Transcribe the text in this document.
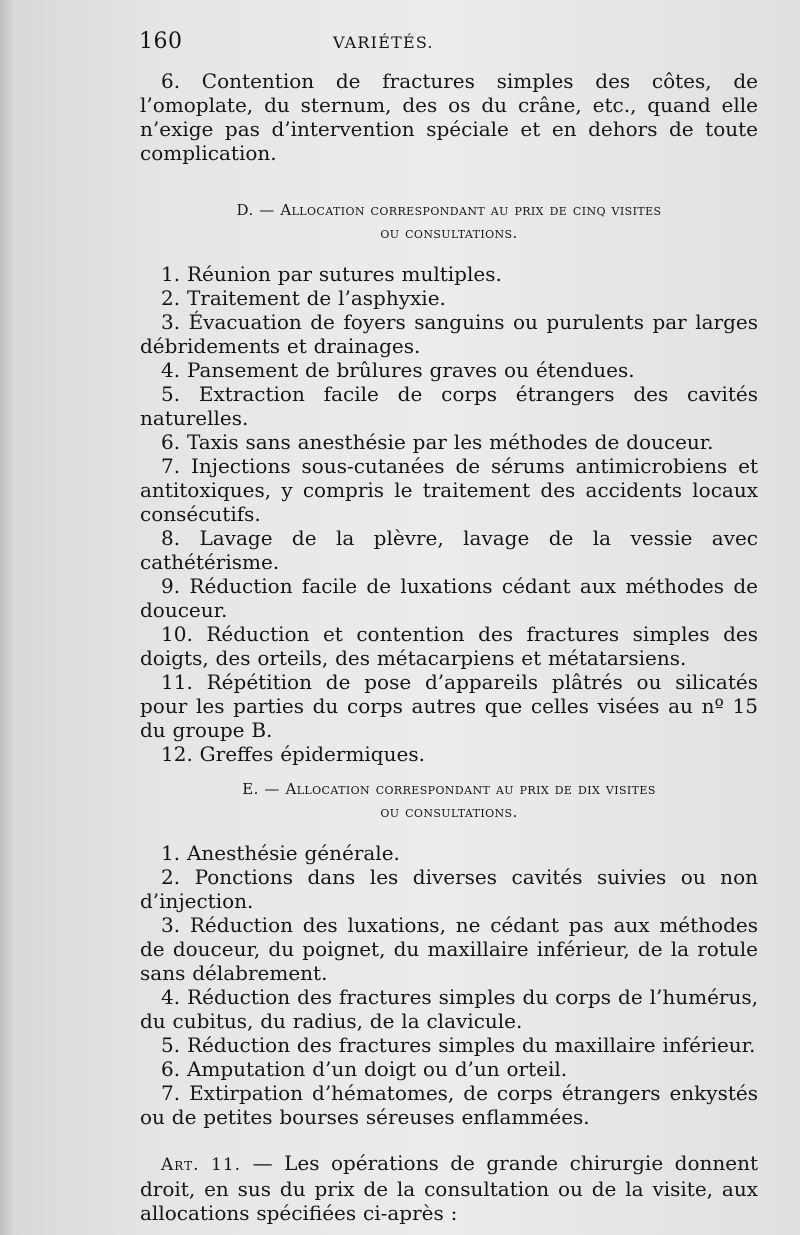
160	VARIÉTÉS.

6. Contention de fractures simples des côtes, de l’omoplate, du sternum, des os du crâne, etc., quand elle n’exige pas d’intervention spéciale et en dehors de toute complication.

D. — Allocation correspondant au prix de cinq visites
ou consultations.

1. Réunion par sutures multiples.

2. Traitement de l’asphyxie.

3. Évacuation de foyers sanguins ou purulents par larges débridements et drainages.

4. Pansement de brûlures graves ou étendues.

5. Extraction facile de corps étrangers des cavités naturelles.

6. Taxis sans anesthésie par les méthodes de douceur.

7. Injections sous-cutanées de sérums antimicrobiens et antitoxiques, y compris le traitement des accidents locaux consécutifs.

8. Lavage de la plèvre, lavage de la vessie avec cathétérisme.

9. Réduction facile de luxations cédant aux méthodes de douceur.

10. Réduction et contention des fractures simples des doigts, des orteils, des métacarpiens et métatarsiens.

11. Répétition de pose d’appareils plâtrés ou silicatés pour les parties du corps autres que celles visées au nº 15 du groupe B.

12. Greffes épidermiques.

E. — Allocation correspondant au prix de dix visites
ou consultations.

1. Anesthésie générale.

2. Ponctions dans les diverses cavités suivies ou non d’injection.

3. Réduction des luxations, ne cédant pas aux méthodes de douceur, du poignet, du maxillaire inférieur, de la rotule sans délabrement.

4. Réduction des fractures simples du corps de l’humérus, du cubitus, du radius, de la clavicule.

5. Réduction des fractures simples du maxillaire inférieur.

6. Amputation d’un doigt ou d’un orteil.

7. Extirpation d’hématomes, de corps étrangers enkystés ou de petites bourses séreuses enflammées.

Art. 11. — Les opérations de grande chirurgie donnent droit, en sus du prix de la consultation ou de la visite, aux allocations spécifiées ci-après :
